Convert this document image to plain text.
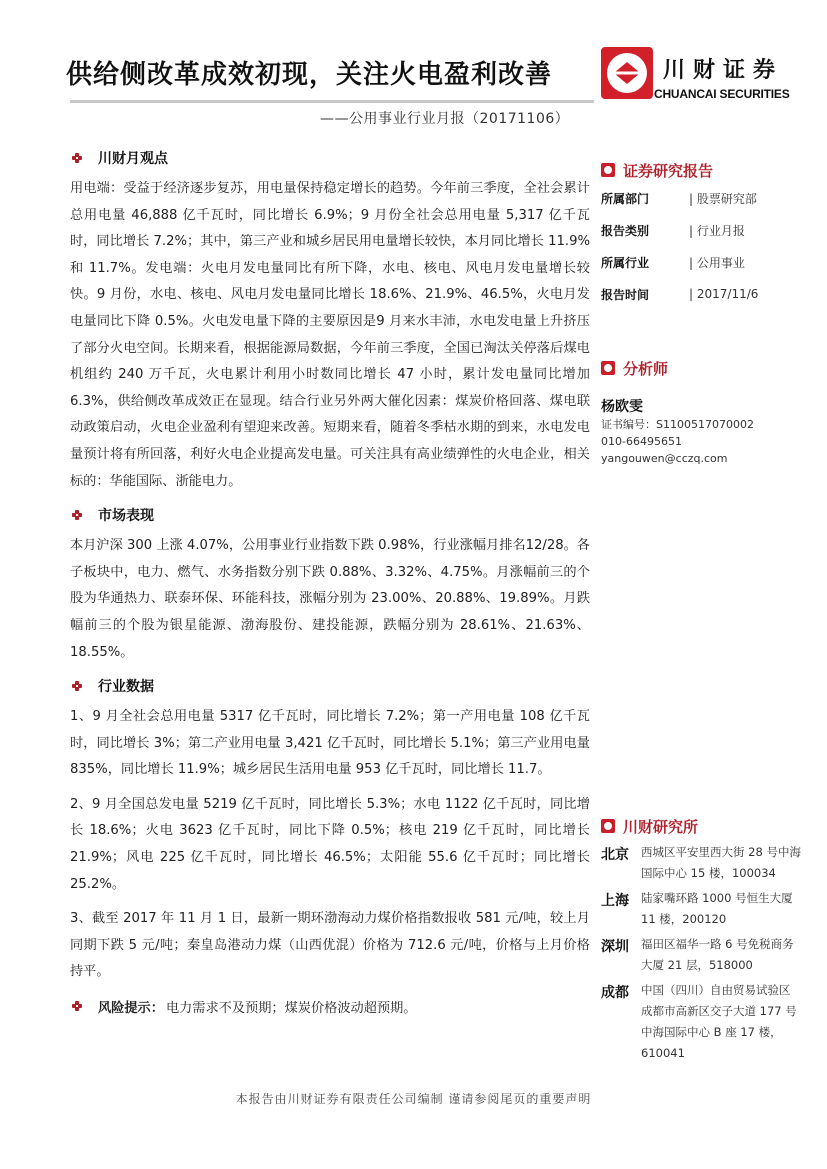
供给侧改革成效初现，关注火电盈利改善
——公用事业行业月报（20171106）
川财证券
CHUANCAI SECURITIES
川财月观点

用电端：受益于经济逐步复苏，用电量保持稳定增长的趋势。今年前三季度，全社会累计总用电量 46,888 亿千瓦时，同比增长 6.9%；9 月份全社会总用电量 5,317 亿千瓦时，同比增长 7.2%；其中，第三产业和城乡居民用电量增长较快，本月同比增长 11.9%和 11.7%。发电端：火电月发电量同比有所下降，水电、核电、风电月发电量增长较快。9 月份，水电、核电、风电月发电量同比增长 18.6%、21.9%、46.5%，火电月发电量同比下降 0.5%。火电发电量下降的主要原因是9 月来水丰沛，水电发电量上升挤压了部分火电空间。长期来看，根据能源局数据，今年前三季度，全国已淘汰关停落后煤电机组约 240 万千瓦，火电累计利用小时数同比增长 47 小时，累计发电量同比增加 6.3%，供给侧改革成效正在显现。结合行业另外两大催化因素：煤炭价格回落、煤电联动政策启动，火电企业盈利有望迎来改善。短期来看，随着冬季枯水期的到来，水电发电量预计将有所回落，利好火电企业提高发电量。可关注具有高业绩弹性的火电企业，相关标的：华能国际、浙能电力。

市场表现

本月沪深 300 上涨 4.07%，公用事业行业指数下跌 0.98%，行业涨幅月排名12/28。各子板块中，电力、燃气、水务指数分别下跌 0.88%、3.32%、4.75%。月涨幅前三的个股为华通热力、联泰环保、环能科技，涨幅分别为 23.00%、20.88%、19.89%。月跌幅前三的个股为银星能源、渤海股份、建投能源，跌幅分别为 28.61%、21.63%、18.55%。

行业数据

1、9 月全社会总用电量 5317 亿千瓦时，同比增长 7.2%；第一产用电量 108 亿千瓦时，同比增长 3%；第二产业用电量 3,421 亿千瓦时，同比增长 5.1%；第三产业用电量 835%，同比增长 11.9%；城乡居民生活用电量 953 亿千瓦时，同比增长 11.7。

2、9 月全国总发电量 5219 亿千瓦时，同比增长 5.3%；水电 1122 亿千瓦时，同比增长 18.6%；火电 3623 亿千瓦时，同比下降 0.5%；核电 219 亿千瓦时，同比增长 21.9%；风电 225 亿千瓦时，同比增长 46.5%；太阳能 55.6 亿千瓦时；同比增长 25.2%。

3、截至 2017 年 11 月 1 日，最新一期环渤海动力煤价格指数报收 581 元/吨，较上月同期下跌 5 元/吨；秦皇岛港动力煤（山西优混）价格为 712.6 元/吨，价格与上月价格持平。

风险提示： 电力需求不及预期；煤炭价格波动超预期。
证券研究报告
所属部门	| 股票研究部
报告类别	| 行业月报
所属行业	| 公用事业
报告时间	| 2017/11/6
分析师
杨欧雯
证书编号：S1100517070002
010-66495651
yangouwen@cczq.com
川财研究所
北京	西城区平安里西大街 28 号中海国际中心 15 楼，100034
上海	陆家嘴环路 1000 号恒生大厦 11 楼，200120
深圳	福田区福华一路 6 号免税商务大厦 21 层，518000
成都	中国（四川）自由贸易试验区成都市高新区交子大道 177 号中海国际中心 B 座 17 楼，610041
本报告由川财证券有限责任公司编制 谨请参阅尾页的重要声明
